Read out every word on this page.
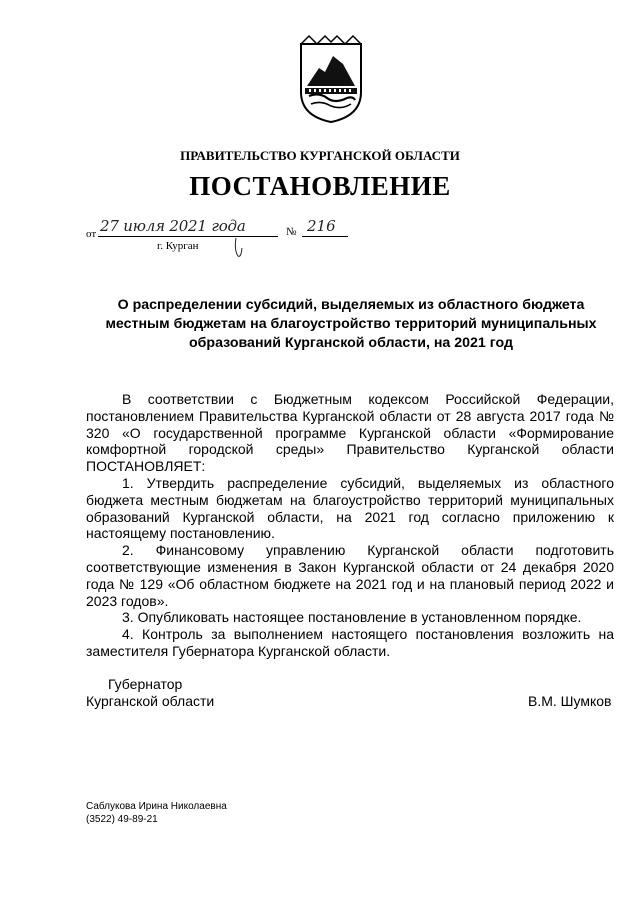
ПРАВИТЕЛЬСТВО КУРГАНСКОЙ ОБЛАСТИ
ПОСТАНОВЛЕНИЕ
от 27 июля 2021 года	№ 216
г. Курган
О распределении субсидий, выделяемых из областного бюджета местным бюджетам на благоустройство территорий муниципальных образований Курганской области, на 2021 год

В соответствии с Бюджетным кодексом Российской Федерации, постановлением Правительства Курганской области от 28 августа 2017 года № 320 «О государственной программе Курганской области «Формирование комфортной городской среды» Правительство Курганской области ПОСТАНОВЛЯЕТ:

1. Утвердить распределение субсидий, выделяемых из областного бюджета местным бюджетам на благоустройство территорий муниципальных образований Курганской области, на 2021 год согласно приложению к настоящему постановлению.

2. Финансовому управлению Курганской области подготовить соответствующие изменения в Закон Курганской области от 24 декабря 2020 года № 129 «Об областном бюджете на 2021 год и на плановый период 2022 и 2023 годов».

3. Опубликовать настоящее постановление в установленном порядке.

4. Контроль за выполнением настоящего постановления возложить на заместителя Губернатора Курганской области.

Губернатор
Курганской области	В.М. Шумков
Саблукова Ирина Николаевна
(3522) 49-89-21
